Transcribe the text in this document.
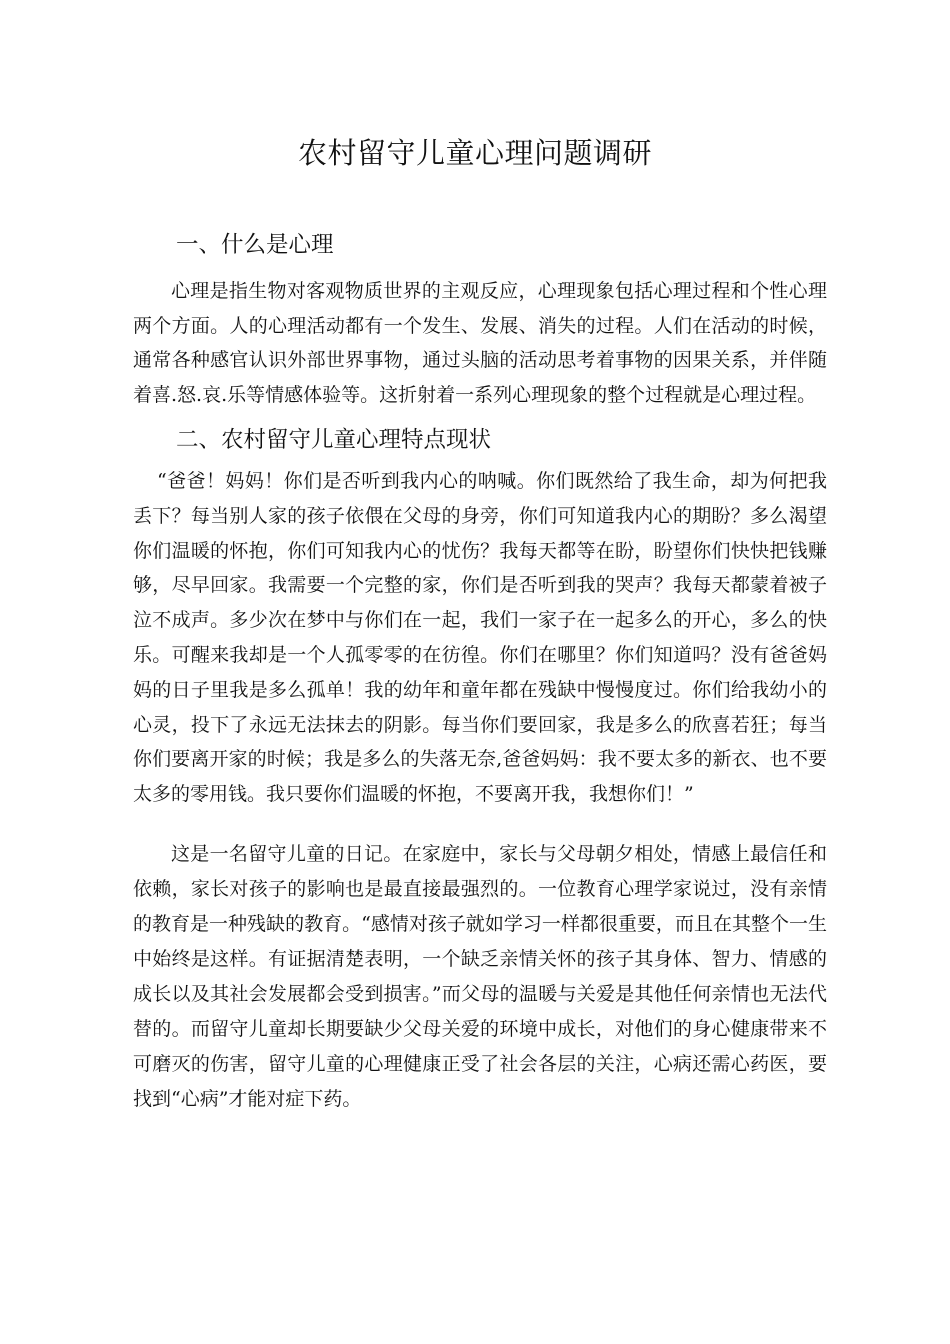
农村留守儿童心理问题调研
一、什么是心理
心理是指生物对客观物质世界的主观反应，心理现象包括心理过程和个性心理两个方面。人的心理活动都有一个发生、发展、消失的过程。人们在活动的时候，通常各种感官认识外部世界事物，通过头脑的活动思考着事物的因果关系，并伴随着喜.怒.哀.乐等情感体验等。这折射着一系列心理现象的整个过程就是心理过程。
二、农村留守儿童心理特点现状
“爸爸！妈妈！你们是否听到我内心的呐喊。你们既然给了我生命，却为何把我丢下？每当别人家的孩子依偎在父母的身旁，你们可知道我内心的期盼？多么渴望你们温暖的怀抱，你们可知我内心的忧伤？我每天都等在盼，盼望你们快快把钱赚够，尽早回家。我需要一个完整的家，你们是否听到我的哭声？我每天都蒙着被子泣不成声。多少次在梦中与你们在一起，我们一家子在一起多么的开心，多么的快乐。可醒来我却是一个人孤零零的在彷徨。你们在哪里？你们知道吗？没有爸爸妈妈的日子里我是多么孤单！我的幼年和童年都在残缺中慢慢度过。你们给我幼小的心灵，投下了永远无法抹去的阴影。每当你们要回家，我是多么的欣喜若狂；每当你们要离开家的时候；我是多么的失落无奈,爸爸妈妈：我不要太多的新衣、也不要太多的零用钱。我只要你们温暖的怀抱，不要离开我，我想你们！”
这是一名留守儿童的日记。在家庭中，家长与父母朝夕相处，情感上最信任和依赖，家长对孩子的影响也是最直接最强烈的。一位教育心理学家说过，没有亲情的教育是一种残缺的教育。“感情对孩子就如学习一样都很重要，而且在其整个一生中始终是这样。有证据清楚表明，一个缺乏亲情关怀的孩子其身体、智力、情感的成长以及其社会发展都会受到损害。”而父母的温暖与关爱是其他任何亲情也无法代替的。而留守儿童却长期要缺少父母关爱的环境中成长，对他们的身心健康带来不可磨灭的伤害，留守儿童的心理健康正受了社会各层的关注，心病还需心药医，要找到“心病”才能对症下药。
